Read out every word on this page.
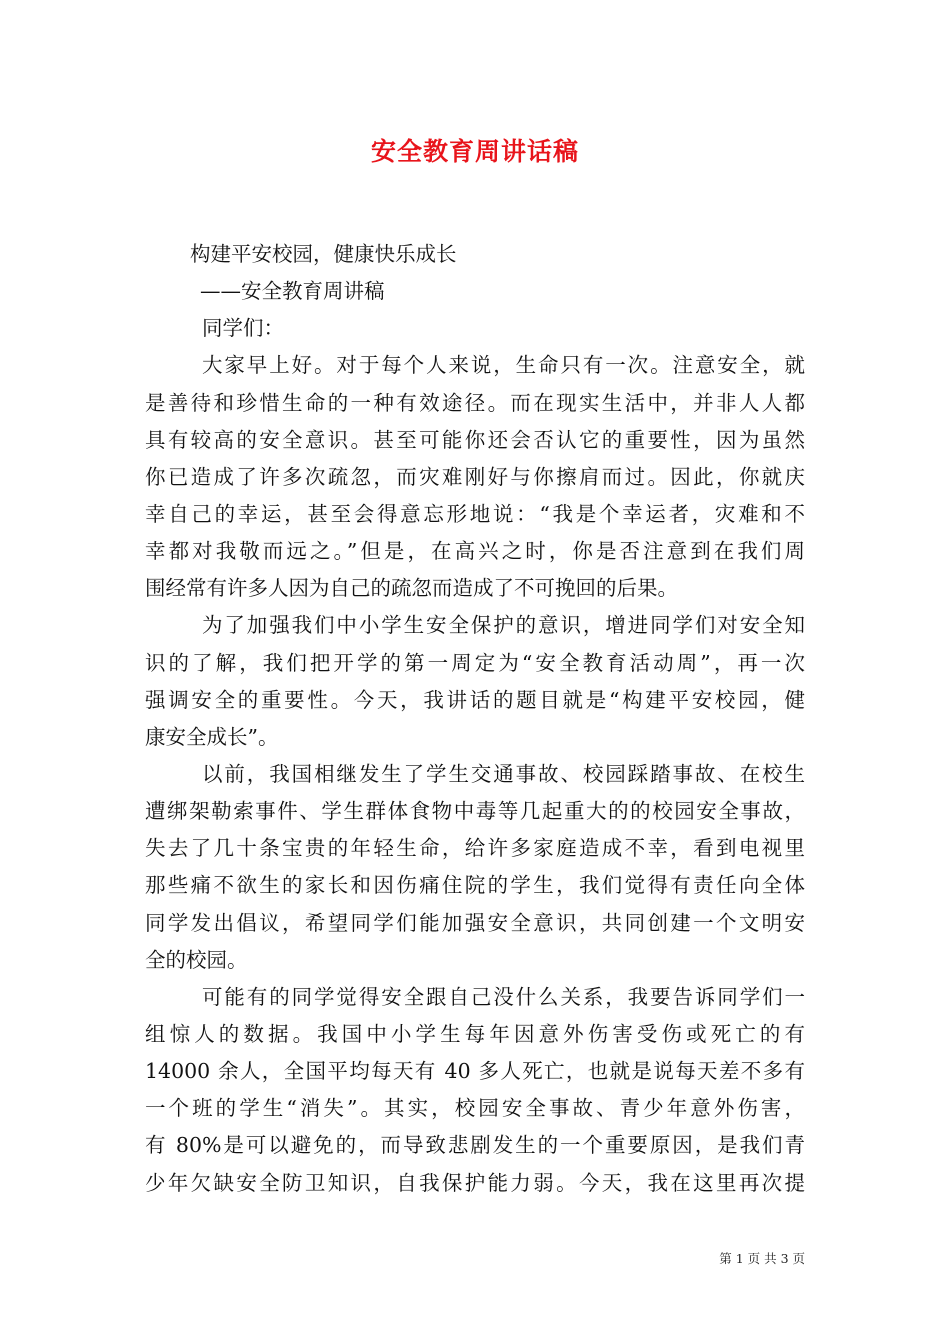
安全教育周讲话稿
构建平安校园，健康快乐成长
——安全教育周讲稿
同学们：
大家早上好。对于每个人来说，生命只有一次。注意安全，就
是善待和珍惜生命的一种有效途径。而在现实生活中，并非人人都
具有较高的安全意识。甚至可能你还会否认它的重要性，因为虽然
你已造成了许多次疏忽，而灾难刚好与你擦肩而过。因此，你就庆
幸自己的幸运，甚至会得意忘形地说：“我是个幸运者，灾难和不
幸都对我敬而远之。”但是，在高兴之时，你是否注意到在我们周
围经常有许多人因为自己的疏忽而造成了不可挽回的后果。
为了加强我们中小学生安全保护的意识，增进同学们对安全知
识的了解，我们把开学的第一周定为“安全教育活动周”，再一次
强调安全的重要性。今天，我讲话的题目就是“构建平安校园，健
康安全成长”。
以前，我国相继发生了学生交通事故、校园踩踏事故、在校生
遭绑架勒索事件、学生群体食物中毒等几起重大的的校园安全事故，
失去了几十条宝贵的年轻生命，给许多家庭造成不幸，看到电视里
那些痛不欲生的家长和因伤痛住院的学生，我们觉得有责任向全体
同学发出倡议，希望同学们能加强安全意识，共同创建一个文明安
全的校园。
可能有的同学觉得安全跟自己没什么关系，我要告诉同学们一
组惊人的数据。我国中小学生每年因意外伤害受伤或死亡的有
14000 余人，全国平均每天有 40 多人死亡，也就是说每天差不多有
一个班的学生“消失”。其实，校园安全事故、青少年意外伤害，
有 80%是可以避免的，而导致悲剧发生的一个重要原因，是我们青
少年欠缺安全防卫知识，自我保护能力弱。今天，我在这里再次提
第 1 页 共 3 页
